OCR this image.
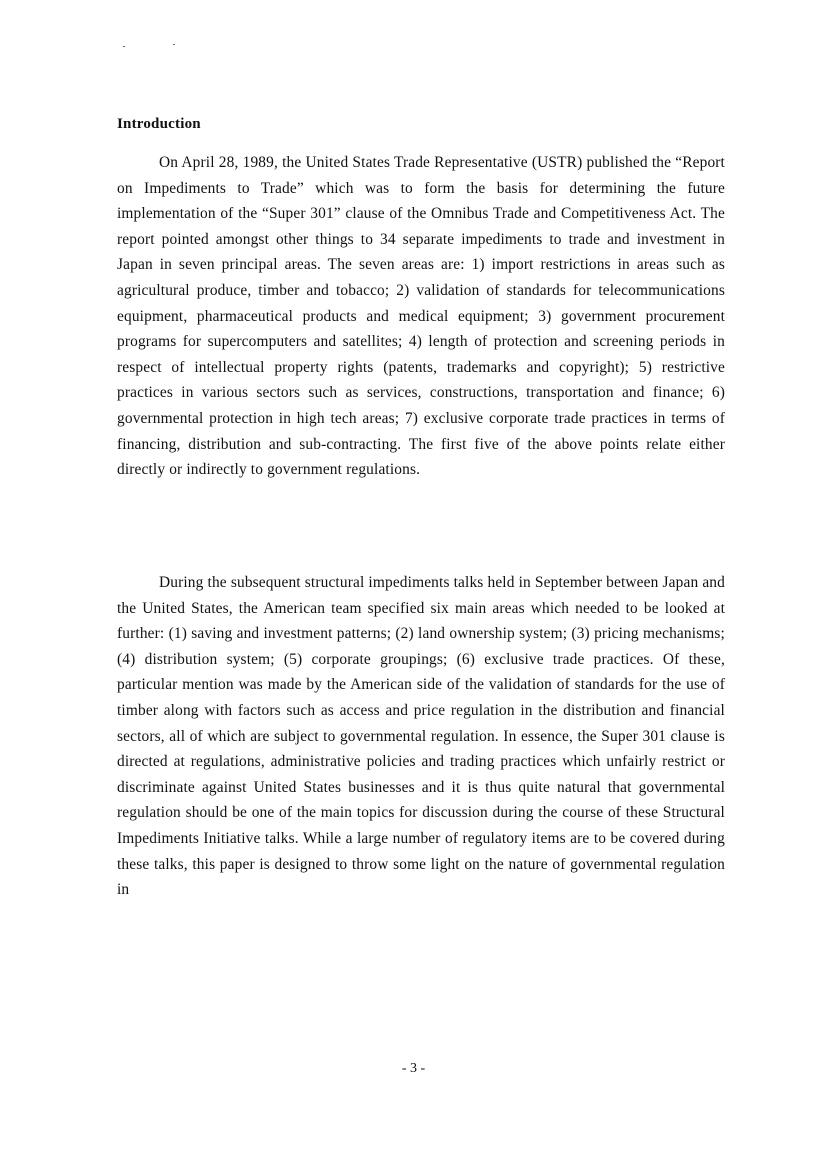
Introduction

On April 28, 1989, the United States Trade Representative (USTR) published the “Report on Impediments to Trade” which was to form the basis for determining the future implementation of the “Super 301” clause of the Omnibus Trade and Competitiveness Act. The report pointed amongst other things to 34 separate impediments to trade and investment in Japan in seven principal areas. The seven areas are: 1) import restrictions in areas such as agricultural produce, timber and tobacco; 2) validation of standards for telecommunications equipment, pharmaceutical products and medical equipment; 3) government procurement programs for supercomputers and satellites; 4) length of protection and screening periods in respect of intellectual property rights (patents, trademarks and copyright); 5) restrictive practices in various sectors such as services, constructions, transportation and finance; 6) governmental protection in high tech areas; 7) exclusive corporate trade practices in terms of financing, distribution and sub-contracting. The first five of the above points relate either directly or indirectly to government regulations.

During the subsequent structural impediments talks held in September between Japan and the United States, the American team specified six main areas which needed to be looked at further: (1) saving and investment patterns; (2) land ownership system; (3) pricing mechanisms; (4) distribution system; (5) corporate groupings; (6) exclusive trade practices. Of these, particular mention was made by the American side of the validation of standards for the use of timber along with factors such as access and price regulation in the distribution and financial sectors, all of which are subject to governmental regulation. In essence, the Super 301 clause is directed at regulations, administrative policies and trading practices which unfairly restrict or discriminate against United States businesses and it is thus quite natural that governmental regulation should be one of the main topics for discussion during the course of these Structural Impediments Initiative talks. While a large number of regulatory items are to be covered during these talks, this paper is designed to throw some light on the nature of governmental regulation in

- 3 -
